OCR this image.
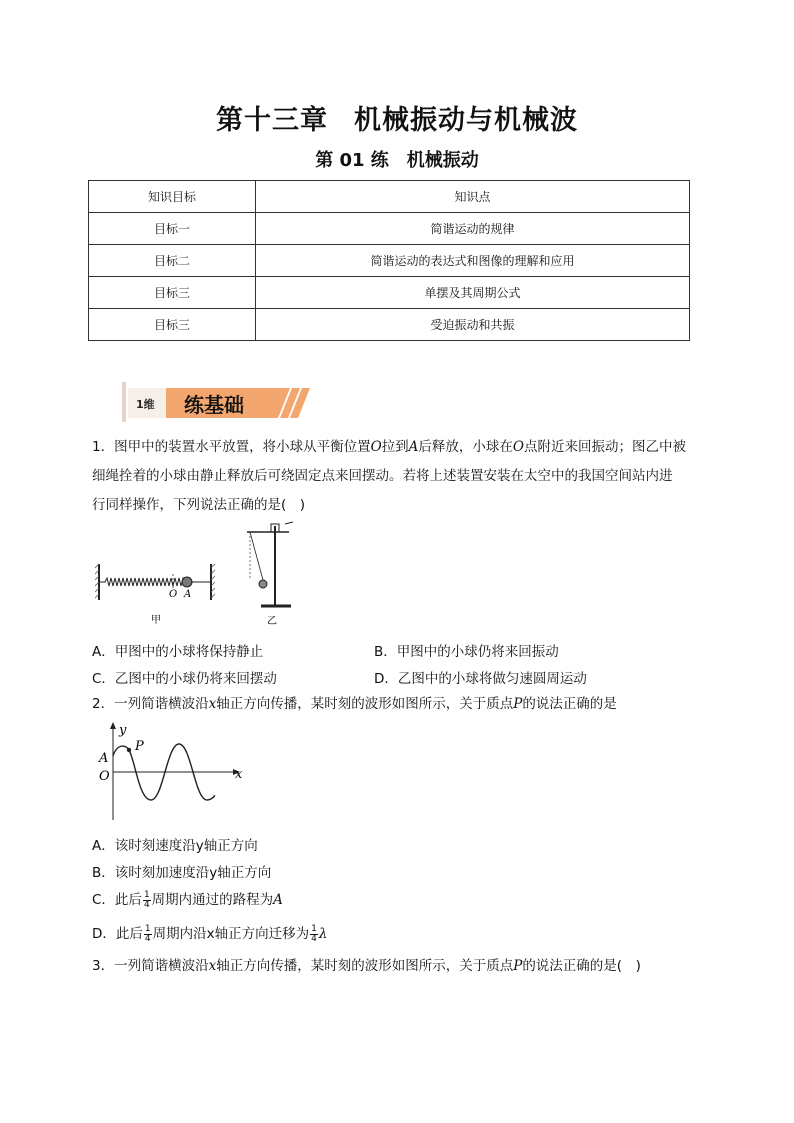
第十三章 机械振动与机械波
第 01 练 机械振动
知识目标	知识点
目标一	简谐运动的规律
目标二	简谐运动的表达式和图像的理解和应用
目标三	单摆及其周期公式
目标三	受迫振动和共振
1维 练基础
1．图甲中的装置水平放置，将小球从平衡位置O拉到A后释放，小球在O点附近来回振动；图乙中被
细绳拴着的小球由静止释放后可绕固定点来回摆动。若将上述装置安装在太空中的我国空间站内进
行同样操作，下列说法正确的是(　)
O A
甲	乙
A．甲图中的小球将保持静止	B．甲图中的小球仍将来回振动
C．乙图中的小球仍将来回摆动	D．乙图中的小球将做匀速圆周运动
2．一列简谐横波沿x轴正方向传播，某时刻的波形如图所示，关于质点P的说法正确的是
y
x
A
O
P
A．该时刻速度沿y轴正方向
B．该时刻加速度沿y轴正方向
C．此后 $\frac{1}{4}$ 周期内通过的路程为A
D．此后 $\frac{1}{4}$ 周期内沿x轴正方向迁移为 $\frac{1}{4}$ λ
3．一列简谐横波沿x轴正方向传播，某时刻的波形如图所示，关于质点P的说法正确的是(　)
